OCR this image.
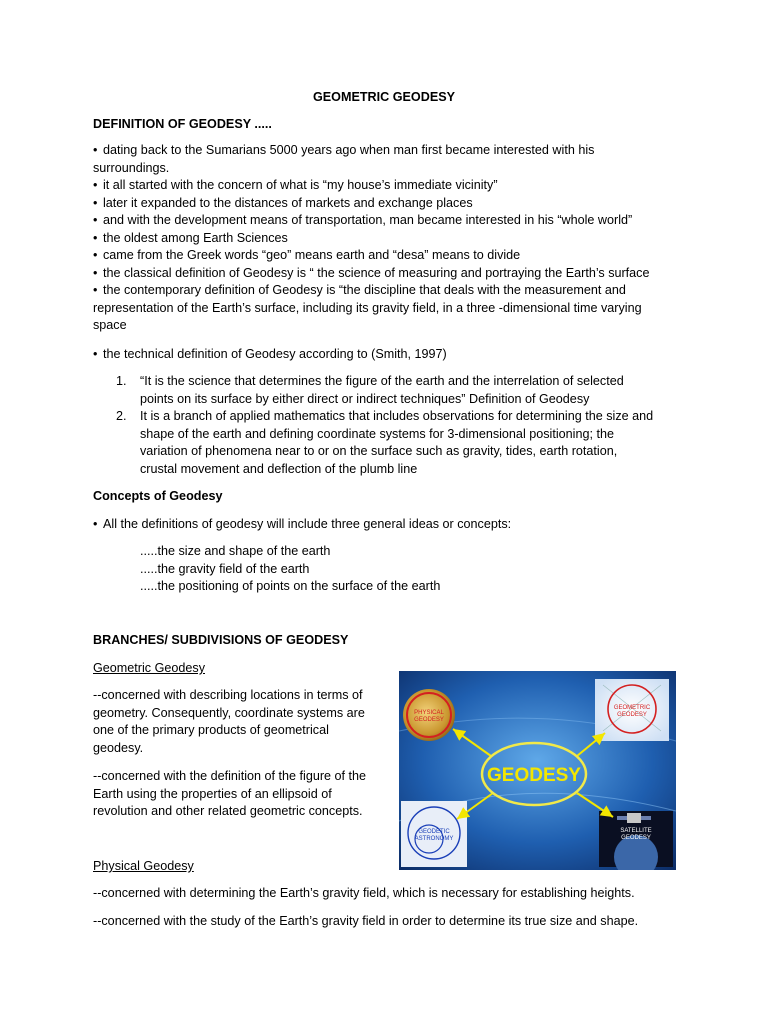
GEOMETRIC GEODESY
DEFINITION OF GEODESY .....
• dating back to the Sumarians 5000 years ago when man first became interested with his
surroundings.
• it all started with the concern of what is “my house’s immediate vicinity”
• later it expanded to the distances of markets and exchange places
• and with the development means of transportation, man became interested in his “whole world”
• the oldest among Earth Sciences
• came from the Greek words “geo” means earth and “desa” means to divide
• the classical definition of Geodesy is “ the science of measuring and portraying the Earth’s surface
• the contemporary definition of Geodesy is “the discipline that deals with the measurement and
representation of the Earth’s surface, including its gravity field, in a three -dimensional time varying
space
• the technical definition of Geodesy according to (Smith, 1997)
1. “It is the science that determines the figure of the earth and the interrelation of selected
points on its surface by either direct or indirect techniques” Definition of Geodesy
2. It is a branch of applied mathematics that includes observations for determining the size and
shape of the earth and defining coordinate systems for 3-dimensional positioning; the
variation of phenomena near to or on the surface such as gravity, tides, earth rotation,
crustal movement and deflection of the plumb line
Concepts of Geodesy
• All the definitions of geodesy will include three general ideas or concepts:
.....the size and shape of the earth
.....the gravity field of the earth
.....the positioning of points on the surface of the earth
BRANCHES/ SUBDIVISIONS OF GEODESY
Geometric Geodesy
--concerned with describing locations in terms of
geometry. Consequently, coordinate systems are
one of the primary products of geometrical
geodesy.
--concerned with the definition of the figure of the
Earth using the properties of an ellipsoid of
revolution and other related geometric concepts.
PHYSICAL
GEODESY
GEOMETRIC
GEODESY
GEODETIC
ASTRONOMY
SATELLITE
GEODESY
GEODESY
Physical Geodesy
--concerned with determining the Earth’s gravity field, which is necessary for establishing heights.
--concerned with the study of the Earth’s gravity field in order to determine its true size and shape.
